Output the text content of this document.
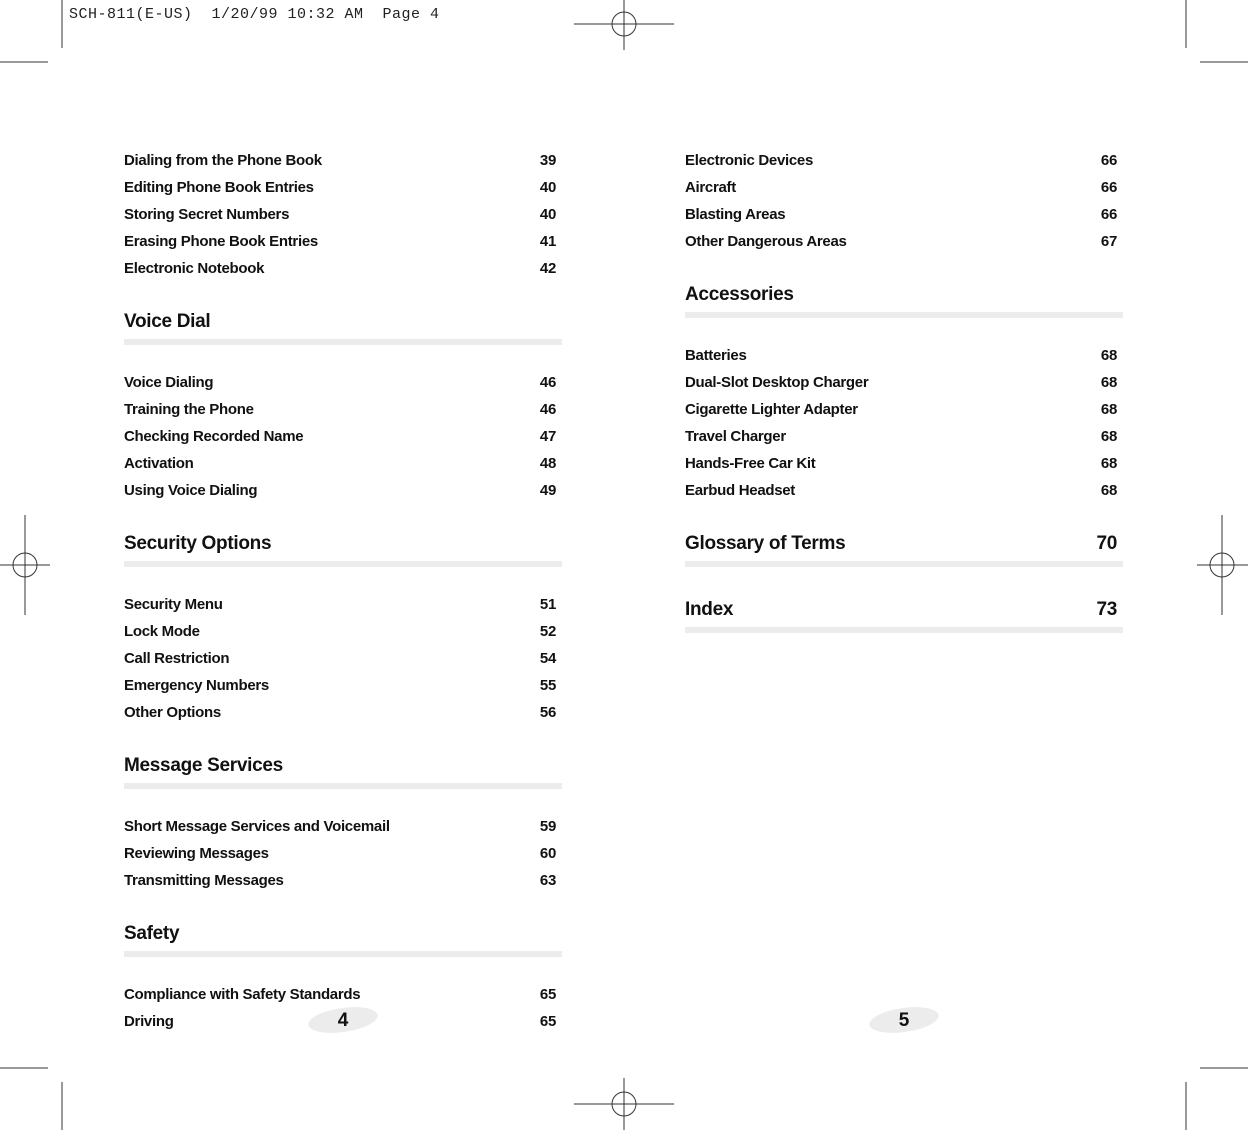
SCH-811(E-US)  1/20/99 10:32 AM  Page 4
Dialing from the Phone Book	39
Editing Phone Book Entries	40
Storing Secret Numbers	40
Erasing Phone Book Entries	41
Electronic Notebook	42
Voice Dial
Voice Dialing	46
Training the Phone	46
Checking Recorded Name	47
Activation	48
Using Voice Dialing	49
Security Options
Security Menu	51
Lock Mode	52
Call Restriction	54
Emergency Numbers	55
Other Options	56
Message Services
Short Message Services and Voicemail	59
Reviewing Messages	60
Transmitting Messages	63
Safety
Compliance with Safety Standards	65
Driving	65
Electronic Devices	66
Aircraft	66
Blasting Areas	66
Other Dangerous Areas	67
Accessories
Batteries	68
Dual-Slot Desktop Charger	68
Cigarette Lighter Adapter	68
Travel Charger	68
Hands-Free Car Kit	68
Earbud Headset	68
Glossary of Terms	70
Index	73
4	5
